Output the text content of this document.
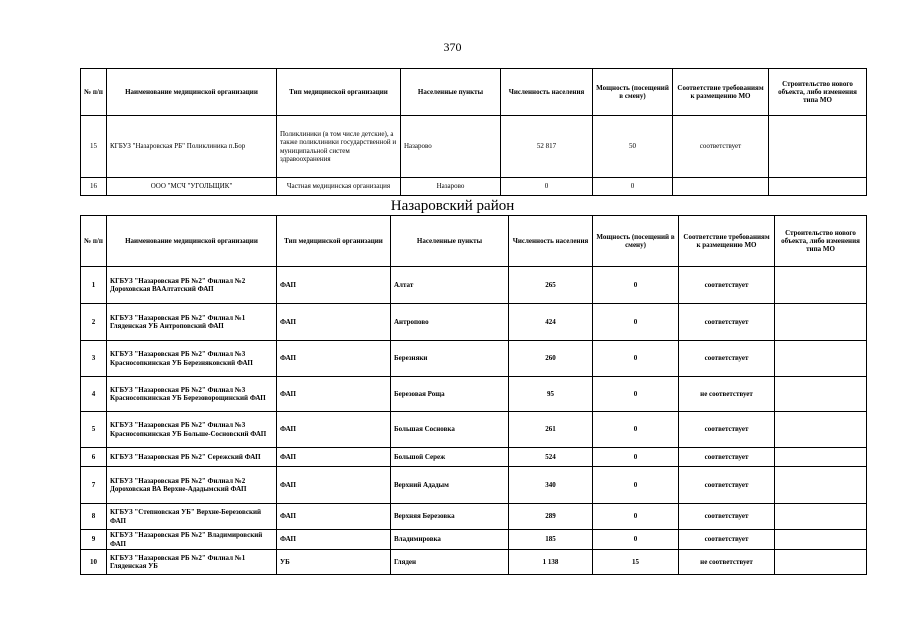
370
№ п/п	Наименование медицинской организации	Тип медицинской организации	Населенные пункты	Численность населения	Мощность (посещений в смену)	Соответствие требованиям к размещению МО	Строительство нового объекта, либо изменения типа МО
15	КГБУЗ "Назаровская РБ" Поликлиника п.Бор	Поликлиники (в том числе детские), а также поликлиники государственной и муниципальной систем здравоохранения	Назарово	52 817	50	соответствует	
16	ООО "МСЧ "УГОЛЬЩИК"	Частная медицинская организация	Назарово	0	0		
Назаровский район
№ п/п	Наименование медицинской организации	Тип медицинской организации	Населенные пункты	Численность населения	Мощность (посещений в смену)	Соответствие требованиям к размещению МО	Строительство нового объекта, либо изменения типа МО
1	КГБУЗ "Назаровская РБ №2" Филиал №2 Дороховская ВААлтатский ФАП	ФАП	Алтат	265	0	соответствует	
2	КГБУЗ "Назаровская РБ №2" Филиал №1 Гляденская УБ Антроповский ФАП	ФАП	Антропово	424	0	соответствует	
3	КГБУЗ "Назаровская РБ №2" Филиал №3 Красносопкинская УБ Березняковский ФАП	ФАП	Березняки	260	0	соответствует	
4	КГБУЗ "Назаровская РБ №2" Филиал №3 Красносопкинская УБ Березоворощинский ФАП	ФАП	Березовая Роща	95	0	не соответствует	
5	КГБУЗ "Назаровская РБ №2" Филиал №3 Красносопкинская УБ Больше-Сосновский ФАП	ФАП	Большая Сосновка	261	0	соответствует	
6	КГБУЗ "Назаровская РБ №2" Сережский ФАП	ФАП	Большой Сереж	524	0	соответствует	
7	КГБУЗ "Назаровская РБ №2" Филиал №2 Дороховская ВА Верхне-Ададымский ФАП	ФАП	Верхний Ададым	340	0	соответствует	
8	КГБУЗ "Степновская УБ" Верхне-Березовский ФАП	ФАП	Верхняя Березовка	289	0	соответствует	
9	КГБУЗ "Назаровская РБ №2" Владимировский ФАП	ФАП	Владимировка	185	0	соответствует	
10	КГБУЗ "Назаровская РБ №2" Филиал №1 Гляденская УБ	УБ	Гляден	1 138	15	не соответствует	
